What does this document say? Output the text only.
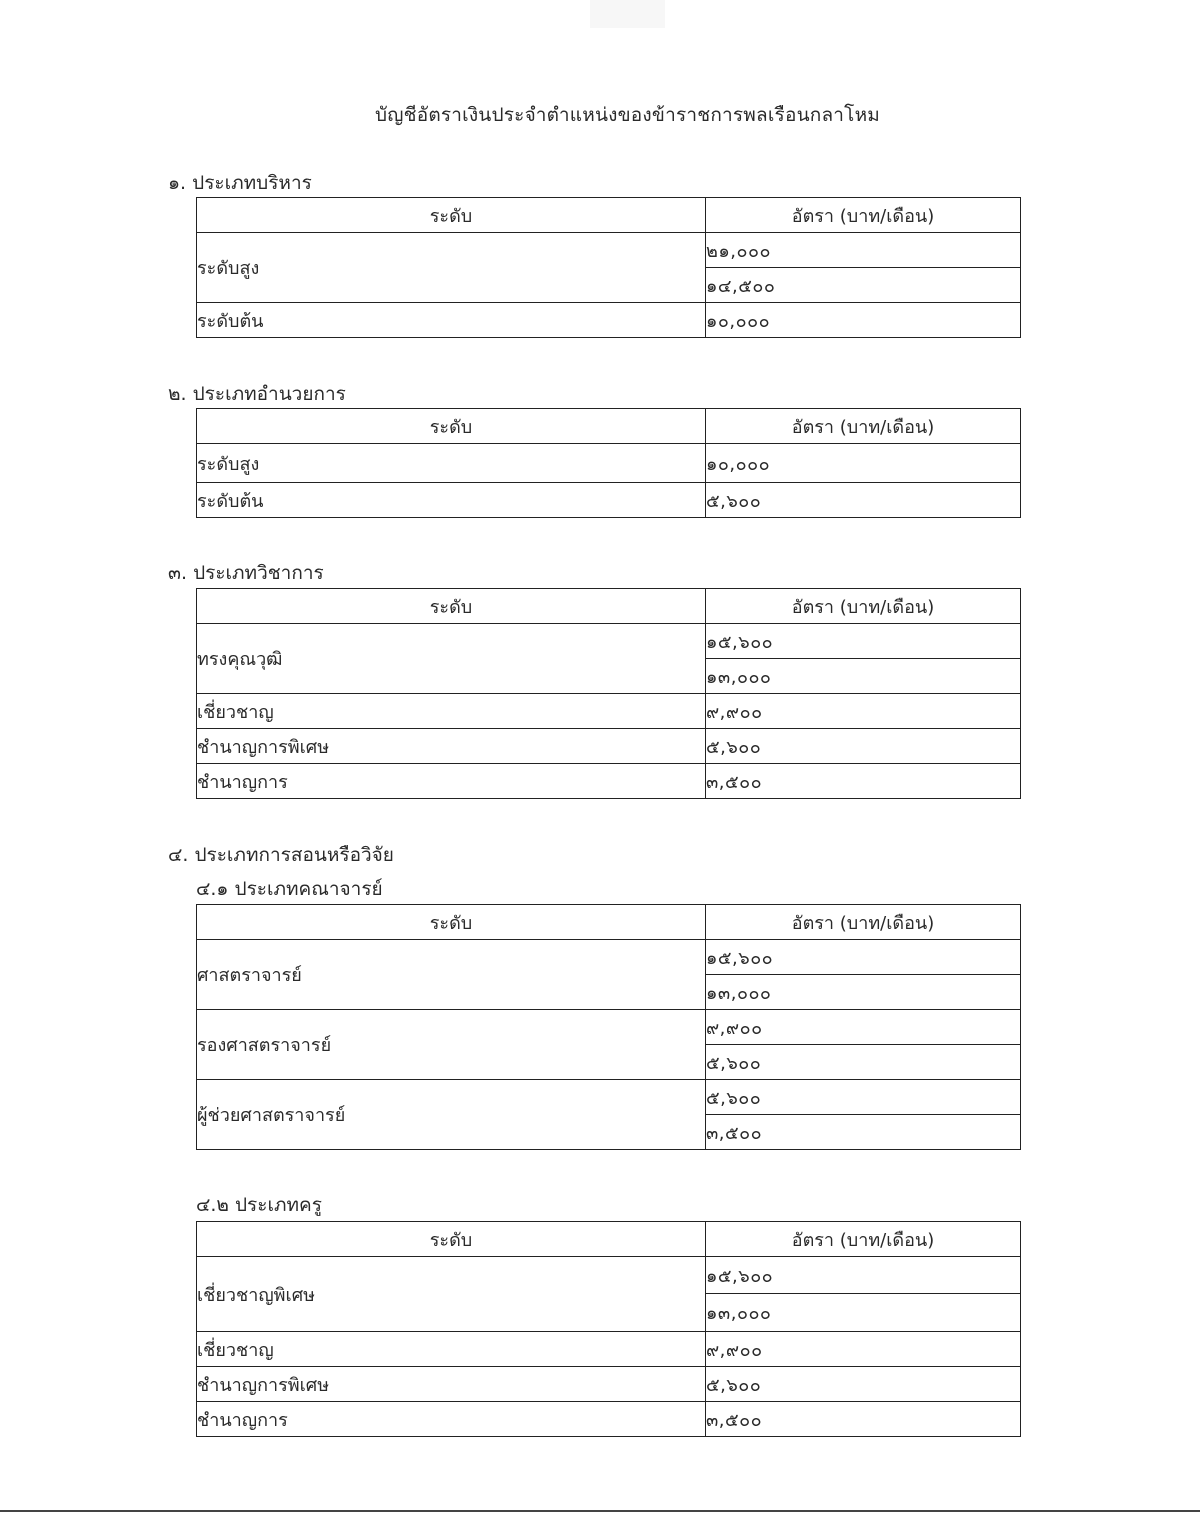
บัญชีอัตราเงินประจำตำแหน่งของข้าราชการพลเรือนกลาโหม
๑. ประเภทบริหาร
ระดับ	อัตรา (บาท/เดือน)
ระดับสูง	๒๑,๐๐๐
	๑๔,๕๐๐
ระดับต้น	๑๐,๐๐๐
๒. ประเภทอำนวยการ
ระดับ	อัตรา (บาท/เดือน)
ระดับสูง	๑๐,๐๐๐
ระดับต้น	๕,๖๐๐
๓. ประเภทวิชาการ
ระดับ	อัตรา (บาท/เดือน)
ทรงคุณวุฒิ	๑๕,๖๐๐
	๑๓,๐๐๐
เชี่ยวชาญ	๙,๙๐๐
ชำนาญการพิเศษ	๕,๖๐๐
ชำนาญการ	๓,๕๐๐
๔. ประเภทการสอนหรือวิจัย
๔.๑ ประเภทคณาจารย์
ระดับ	อัตรา (บาท/เดือน)
ศาสตราจารย์	๑๕,๖๐๐
	๑๓,๐๐๐
รองศาสตราจารย์	๙,๙๐๐
	๕,๖๐๐
ผู้ช่วยศาสตราจารย์	๕,๖๐๐
	๓,๕๐๐
๔.๒ ประเภทครู
ระดับ	อัตรา (บาท/เดือน)
เชี่ยวชาญพิเศษ	๑๕,๖๐๐
	๑๓,๐๐๐
เชี่ยวชาญ	๙,๙๐๐
ชำนาญการพิเศษ	๕,๖๐๐
ชำนาญการ	๓,๕๐๐
